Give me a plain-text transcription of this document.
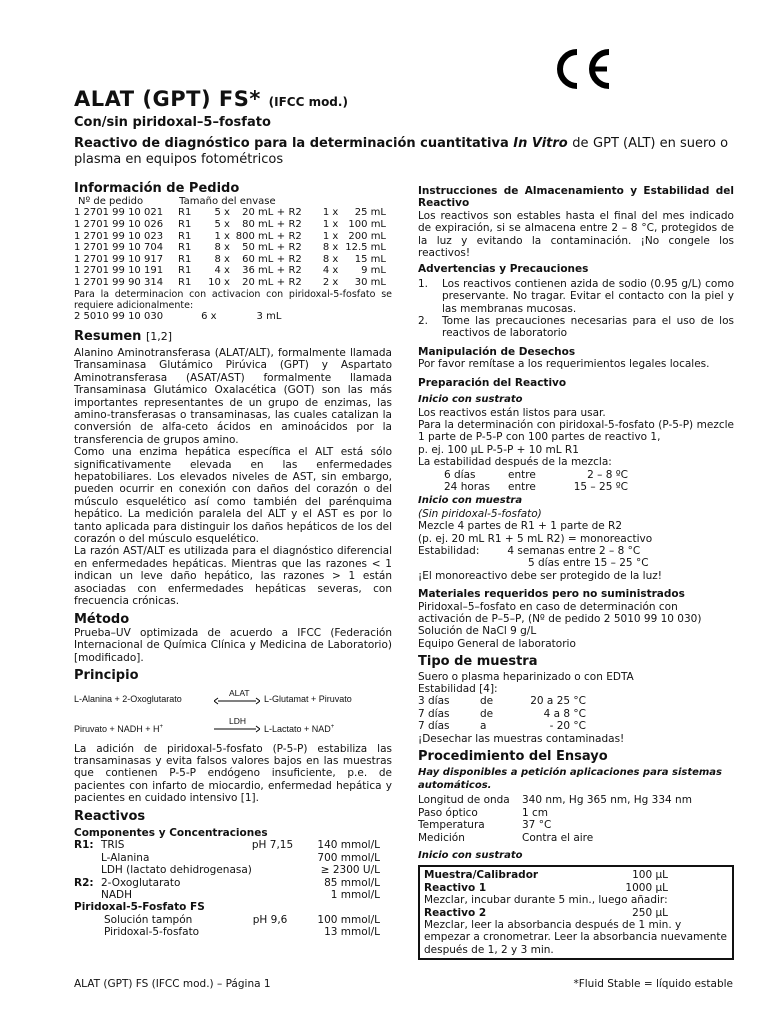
ALAT (GPT) FS* (IFCC mod.)
Con/sin piridoxal–5–fosfato
Reactivo de diagnóstico para la determinación cuantitativa In Vitro de GPT (ALT) en suero o plasma en equipos fotométricos
Información de Pedido
Nº de pedido	Tamaño del envase
1 2701 99 10 021	R1	5 x	20 mL	+	R2	1 x	25 mL
1 2701 99 10 026	R1	5 x	80 mL	+	R2	1 x	100 mL
1 2701 99 10 023	R1	1 x	800 mL	+	R2	1 x	200 mL
1 2701 99 10 704	R1	8 x	50 mL	+	R2	8 x	12.5 mL
1 2701 99 10 917	R1	8 x	60 mL	+	R2	8 x	15 mL
1 2701 99 10 191	R1	4 x	36 mL	+	R2	4 x	9 mL
1 2701 99 90 314	R1	10 x	20 mL	+	R2	2 x	30 mL
Para la determinacion con activacion con piridoxal-5-fosfato se requiere adicionalmente:
2 5010 99 10 030	6 x	3 mL
Resumen [1,2]
Alanino Aminotransferasa (ALAT/ALT), formalmente llamada Transaminasa Glutámico Pirúvica (GPT) y Aspartato Aminotransferasa (ASAT/AST) formalmente llamada Transaminasa Glutámico Oxalacética (GOT) son las más importantes representantes de un grupo de enzimas, las amino-transferasas o transaminasas, las cuales catalizan la conversión de alfa-ceto ácidos en aminoácidos por la transferencia de grupos amino.
Como una enzima hepática específica el ALT está sólo significativamente elevada en las enfermedades hepatobiliares. Los elevados niveles de AST, sin embargo, pueden ocurrir en conexión con daños del corazón o del músculo esquelético así como también del parénquima hepático. La medición paralela del ALT y el AST es por lo tanto aplicada para distinguir los daños hepáticos de los del corazón o del músculo esquelético.
La razón AST/ALT es utilizada para el diagnóstico diferencial en enfermedades hepáticas. Mientras que las razones < 1 indican un leve daño hepático, las razones > 1 están asociadas con enfermedades hepáticas severas, con frecuencia crónicas.
Método
Prueba–UV optimizada de acuerdo a IFCC (Federación Internacional de Química Clínica y Medicina de Laboratorio) [modificado].
Principio
L-Alanina + 2-Oxoglutarato
ALAT
L-Glutamat + Piruvato
Piruvato + NADH + H+
LDH
L-Lactato + NAD+
La adición de piridoxal-5-fosfato (P-5-P) estabiliza las transaminasas y evita falsos valores bajos en las muestras que contienen P-5-P endógeno insuficiente, p.e. de pacientes con infarto de miocardio, enfermedad hepática y pacientes en cuidado intensivo [1].
Reactivos
Componentes y Concentraciones
R1:	TRIS	pH 7,15	140 mmol/L
	L-Alanina		700 mmol/L
	LDH (lactato dehidrogenasa)		≥ 2300 U/L
R2:	2-Oxoglutarato		85 mmol/L
	NADH		1 mmol/L
Piridoxal-5-Fosfato FS
Solución tampón	pH 9,6	100 mmol/L
Piridoxal-5-fosfato		13 mmol/L
Instrucciones de Almacenamiento y Estabilidad del Reactivo
Los reactivos son estables hasta el final del mes indicado de expiración, si se almacena entre 2 – 8 °C, protegidos de la luz y evitando la contaminación. ¡No congele los reactivos!
Advertencias y Precauciones
1. Los reactivos contienen azida de sodio (0.95 g/L) como preservante. No tragar. Evitar el contacto con la piel y las membranas mucosas.
2. Tome las precauciones necesarias para el uso de los reactivos de laboratorio
Manipulación de Desechos
Por favor remítase a los requerimientos legales locales.
Preparación del Reactivo
Inicio con sustrato
Los reactivos están listos para usar.
Para la determinación con piridoxal-5-fosfato (P-5-P) mezcle 1 parte de P-5-P con 100 partes de reactivo 1,
p. ej. 100 µL P-5-P + 10 mL R1
La estabilidad después de la mezcla:
6 días	entre	2 – 8 ºC
24 horas	entre	15 – 25 ºC
Inicio con muestra
(Sin piridoxal-5-fosfato)
Mezcle 4 partes de R1 + 1 parte de R2
(p. ej. 20 mL R1 + 5 mL R2) = monoreactivo
Estabilidad:	4 semanas entre 2 – 8 °C
5 días entre 15 – 25 °C
¡El monoreactivo debe ser protegido de la luz!
Materiales requeridos pero no suministrados
Piridoxal–5–fosfato en caso de determinación con activación de P–5–P, (Nº de pedido 2 5010 99 10 030)
Solución de NaCl 9 g/L
Equipo General de laboratorio
Tipo de muestra
Suero o plasma heparinizado o con EDTA
Estabilidad [4]:
3 días	de	20 a 25 °C
7 días	de	4 a 8 °C
7 días	a	- 20 °C
¡Desechar las muestras contaminadas!
Procedimiento del Ensayo
Hay disponibles a petición aplicaciones para sistemas automáticos.
Longitud de onda	340 nm, Hg 365 nm, Hg 334 nm
Paso óptico	1 cm
Temperatura	37 °C
Medición	Contra el aire
Inicio con sustrato
Muestra/Calibrador	100 µL
Reactivo 1	1000 µL
Mezclar, incubar durante 5 min., luego añadir:
Reactivo 2	250 µL
Mezclar, leer la absorbancia después de 1 min. y empezar a cronometrar. Leer la absorbancia nuevamente después de 1, 2 y 3 min.
ALAT (GPT) FS (IFCC mod.) – Página 1	*Fluid Stable = líquido estable
